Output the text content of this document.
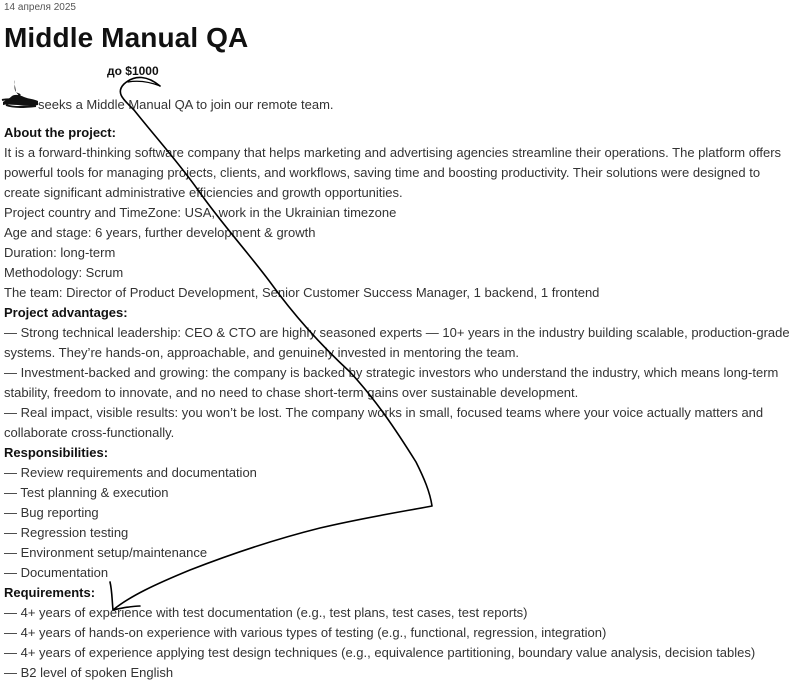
14 апреля 2025
Middle Manual QA
до $1000

seeks a Middle Manual QA to join our remote team.

About the project:

It is a forward-thinking software company that helps marketing and advertising agencies streamline their operations. The platform offers powerful tools for managing projects, clients, and workflows, saving time and boosting productivity. Their solutions were designed to create significant administrative efficiencies and growth opportunities.

Project country and TimeZone: USA, work in the Ukrainian timezone

Age and stage: 6 years, further development & growth

Duration: long-term

Methodology: Scrum

The team: Director of Product Development, Senior Customer Success Manager, 1 backend, 1 frontend

Project advantages:

— Strong technical leadership: CEO & CTO are highly seasoned experts — 10+ years in the industry building scalable, production-grade systems. They’re hands-on, approachable, and genuinely invested in mentoring the team.

— Investment-backed and growing: the company is backed by strategic investors who understand the industry, which means long-term stability, freedom to innovate, and no need to chase short-term gains over sustainable development.

— Real impact, visible results: you won’t be lost. The company works in small, focused teams where your voice actually matters and collaborate cross-functionally.

Responsibilities:

— Review requirements and documentation

— Test planning & execution

— Bug reporting

— Regression testing

— Environment setup/maintenance

— Documentation

Requirements:

— 4+ years of experience with test documentation (e.g., test plans, test cases, test reports)

— 4+ years of hands-on experience with various types of testing (e.g., functional, regression, integration)

— 4+ years of experience applying test design techniques (e.g., equivalence partitioning, boundary value analysis, decision tables)

— B2 level of spoken English
